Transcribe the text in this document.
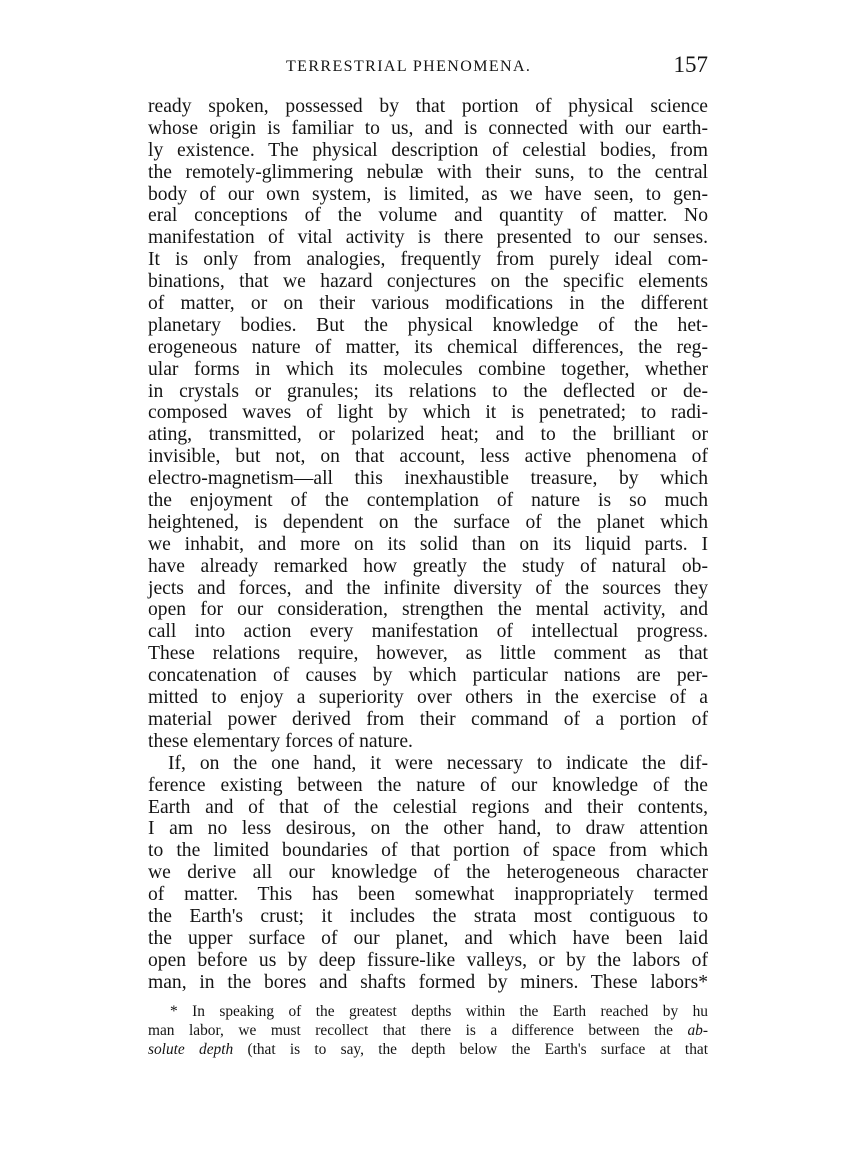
TERRESTRIAL PHENOMENA.	157
ready spoken, possessed by that portion of physical science
whose origin is familiar to us, and is connected with our earth-
ly existence. The physical description of celestial bodies, from
the remotely-glimmering nebulæ with their suns, to the central
body of our own system, is limited, as we have seen, to gen-
eral conceptions of the volume and quantity of matter. No
manifestation of vital activity is there presented to our senses.
It is only from analogies, frequently from purely ideal com-
binations, that we hazard conjectures on the specific elements
of matter, or on their various modifications in the different
planetary bodies. But the physical knowledge of the het-
erogeneous nature of matter, its chemical differences, the reg-
ular forms in which its molecules combine together, whether
in crystals or granules; its relations to the deflected or de-
composed waves of light by which it is penetrated; to radi-
ating, transmitted, or polarized heat; and to the brilliant or
invisible, but not, on that account, less active phenomena of
electro-magnetism—all this inexhaustible treasure, by which
the enjoyment of the contemplation of nature is so much
heightened, is dependent on the surface of the planet which
we inhabit, and more on its solid than on its liquid parts. I
have already remarked how greatly the study of natural ob-
jects and forces, and the infinite diversity of the sources they
open for our consideration, strengthen the mental activity, and
call into action every manifestation of intellectual progress.
These relations require, however, as little comment as that
concatenation of causes by which particular nations are per-
mitted to enjoy a superiority over others in the exercise of a
material power derived from their command of a portion of
these elementary forces of nature.
If, on the one hand, it were necessary to indicate the dif-
ference existing between the nature of our knowledge of the
Earth and of that of the celestial regions and their contents,
I am no less desirous, on the other hand, to draw attention
to the limited boundaries of that portion of space from which
we derive all our knowledge of the heterogeneous character
of matter. This has been somewhat inappropriately termed
the Earth's crust; it includes the strata most contiguous to
the upper surface of our planet, and which have been laid
open before us by deep fissure-like valleys, or by the labors of
man, in the bores and shafts formed by miners. These labors*
* In speaking of the greatest depths within the Earth reached by hu
man labor, we must recollect that there is a difference between the ab-
solute depth (that is to say, the depth below the Earth's surface at that
